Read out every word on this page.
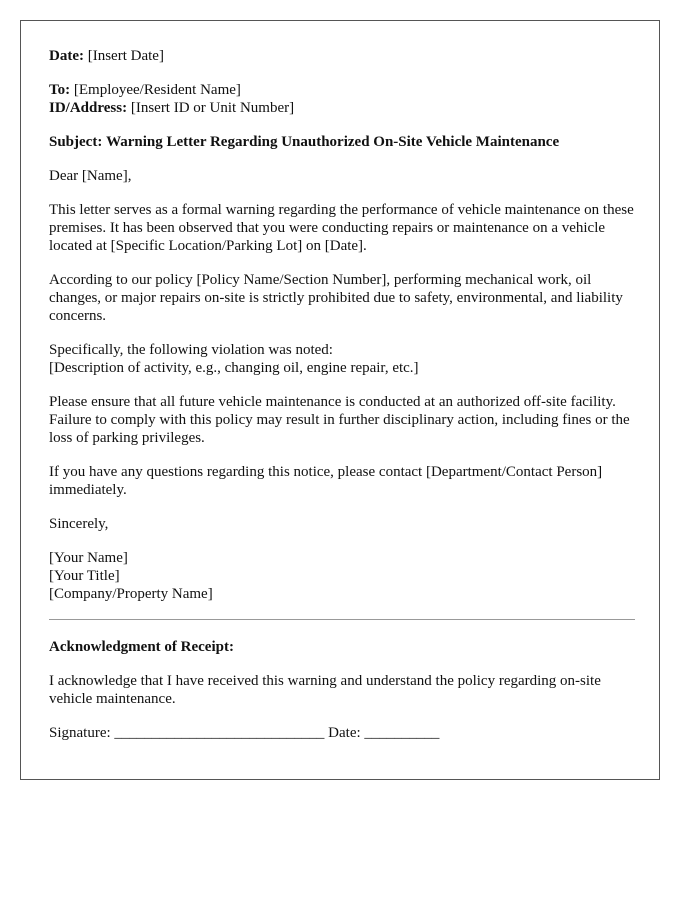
Date: [Insert Date]

To: [Employee/Resident Name]
ID/Address: [Insert ID or Unit Number]

Subject: Warning Letter Regarding Unauthorized On-Site Vehicle Maintenance

Dear [Name],

This letter serves as a formal warning regarding the performance of vehicle maintenance on these premises. It has been observed that you were conducting repairs or maintenance on a vehicle located at [Specific Location/Parking Lot] on [Date].

According to our policy [Policy Name/Section Number], performing mechanical work, oil changes, or major repairs on-site is strictly prohibited due to safety, environmental, and liability concerns.

Specifically, the following violation was noted:
[Description of activity, e.g., changing oil, engine repair, etc.]

Please ensure that all future vehicle maintenance is conducted at an authorized off-site facility. Failure to comply with this policy may result in further disciplinary action, including fines or the loss of parking privileges.

If you have any questions regarding this notice, please contact [Department/Contact Person] immediately.

Sincerely,

[Your Name]
[Your Title]
[Company/Property Name]

Acknowledgment of Receipt:

I acknowledge that I have received this warning and understand the policy regarding on-site vehicle maintenance.

Signature: ____________________________ Date: __________
